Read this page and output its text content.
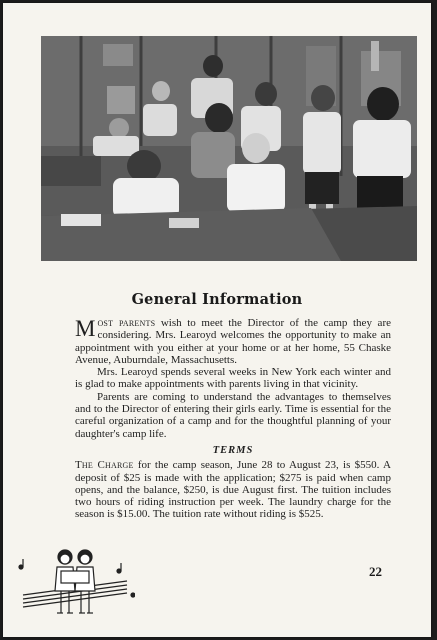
General Information

Most parents wish to meet the Director of the camp they are considering. Mrs. Learoyd welcomes the opportunity to make an appointment with you either at your home or at her home, 55 Chaske Avenue, Auburndale, Massachusetts.

Mrs. Learoyd spends several weeks in New York each winter and is glad to make appointments with parents living in that vicinity.

Parents are coming to understand the advantages to themselves and to the Director of entering their girls early. Time is essential for the careful organization of a camp and for the thoughtful planning of your daughter's camp life.

TERMS

The Charge for the camp season, June 28 to August 23, is $550. A deposit of $25 is made with the application; $275 is paid when camp opens, and the balance, $250, is due August first. The tuition includes two hours of riding instruction per week. The laundry charge for the season is $15.00. The tuition rate without riding is $525.

22
